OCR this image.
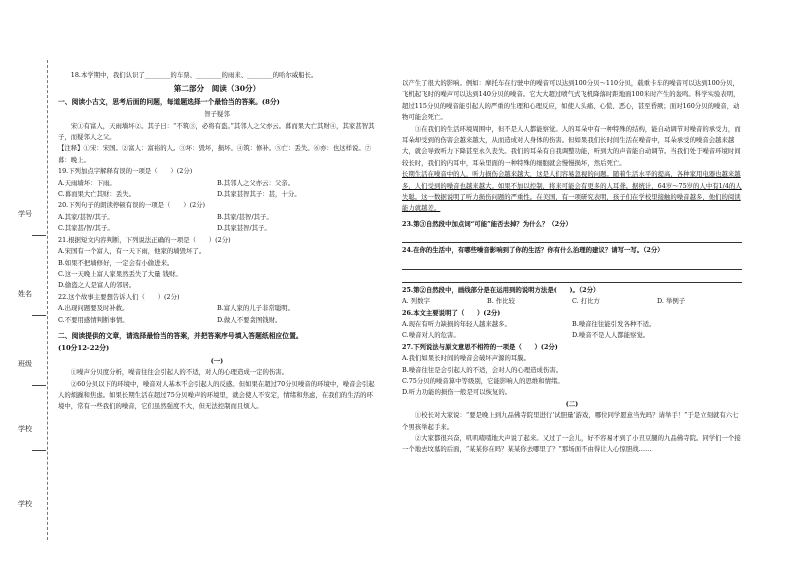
学号
姓名
班级
学校
学校

18.本学期中，我们认识了________的车票、________的雨来、________的哈尔威船长。

第二部分　阅读（30分）

一、阅读小古文，思考后面的问题，每道题选择一个最恰当的答案。(8分)

智子疑邻

宋①有富人，天雨墙坏②。其子曰：“不筑③，必将有盗。”其邻人之父亦云。暮而果大亡其财④，其家甚智其子，而疑邻人之父。

【注释】①宋：宋国。②富人：富裕的人。③坏：毁坏，损坏。④筑：修补。⑤亡：丢失。⑥亦：也这样说。⑦暮：晚上。

19.下列加点字解释有误的一项是（　　）(2分)

A.天雨墙坏：下雨。	B.其邻人之父亦云：父亲。
C.暮而果大亡其财：丢失。	D.其家甚智其子：甚，十分。

20.下列句子的朗读停顿有误的一项是（　　）(2分)

A.其家/甚智/其子。	B.其家/甚智/其子。
C.其家甚/智/其子。	D.其家甚智/其子。

21.根据短文内容判断，下列说法正确的一项是（　　）(2分)

A.宋国有一个富人，有一天下雨，他家的墙毁坏了。

B.如果不把墙修好，一定会有小偷进来。

C.这一天晚上富人家果然丢失了大量 钱财。

D.偷盗之人是富人的邻居。

22.这个故事主要想告诉人们（　　）(2分)

A.出现问题要及时补救。	B.富人家的儿子非常聪明。
C.不要用感情判断事情。	D.做人不要贪图钱财。

二、阅读提供的文章，请选择最恰当的答案，并把答案序号填入答题纸相应位置。

(10分12-22分)

(一)

①噪声分贝度分析，噪音往往会引起人的不适，对人的心理造成一定的伤害。

②60分贝以下的环境中，噪音对人基本不会引起人的反感。但如果在超过70分贝噪音的环境中，噪音会引起人的烦躁和焦虑。如果长期生活在超过75分贝噪声的环境里，就会使人不安定，情绪和焦虑，在我们的生活的环境中，常有一些我们的噪音，它们虽然强度不大，但无法控制而且烦人。

以产生了很大的影响。例如：摩托车在行驶中的噪音可以达到100分贝～110分贝，载重卡车的噪音可以达到100分贝，飞机起飞时的噪声可以达到140分贝的噪音。它大大超过喷气式飞机降落时距地面100米时产生的轰鸣。科学实验表明，超过115分贝的噪音能引起人的严重的生理和心理反应，如使人头痛、心慌、恶心，甚至昏厥；面对160分贝的噪音，动物可能会死亡。

③在我们的生活环境周围中，但不是人人都能察觉。人的耳朵中有一种特殊的结构，能自动调节对噪音的承受力，而耳朵却受到的伤害会越来越大，从而造成对人身体的伤害。但如果我们长时间生活在噪音中，耳朵承受的噪音会越来越大，就会导致听力下降甚至永久丧失。我们的耳朵有自我调整功能，听到大的声音能自动调节。当我们处于噪音环境时间较长时，我们的内耳中，耳朵里面的一种特殊的细胞就会慢慢损坏，然后死亡。

长期生活在噪音中的人，听力损伤会越来越大，这是人们容易忽视的问题。随着生活水平的提高，各种家用电器也越来越多，人们受到的噪音也越来越大。如果不加以控制，将来可能会有更多的人耳聋。据统计，64岁～75岁的人中有1/4的人失聪。这一数据说明了听力损伤问题的严重性。在美国，有一项研究表明，孩子们在学校里接触的噪音越多，他们的阅读能力就越差。

23.第③自然段中加点词“可能”能否去掉？为什么？（2分）

24.在你的生活中，有哪些噪音影响到了你的生活？你有什么治理的建议？请写一写。（2分）

25.第②自然段中，画线部分是在运用到的说明方法是(　　)。（2分）

A. 列数字	B. 作比较	C. 打比方	D. 举例子

26.本文主要说明了（　　）(2分)

A.现在有听力缺损的年轻人越来越多。	B.噪音往往能引发各种不适。
C.噪音对人的危害。	D.噪音不是人人都能察觉。

27.下列说法与原文意思不相符的一项是（　　）(2分)

A.我们如果长时间的噪音会破坏声源的耳膜。

B.噪音往往是会引起人的不适，会对人的心理造成伤害。

C.75分贝的噪音算中等级别，它能影响人的思维和情绪。

D.听力功能的损伤一般是可以恢复的。

(二)

①校长对大家说：“要是晚上到九品佛寺院里进行‘试胆量’游戏，哪位同学愿意当先吗？请举手！”于是立刻就有六七个男孩举起手来。

②大家都很兴奋，叽叽喳喳地大声说了起来。又过了一会儿，好不容易才到了小丑豆腿的九品佛寺院。同学们一个接一个地去坟墓的后面，“某某你在吗？某某你去哪里了？”那场面不由得让人心惊胆战……
